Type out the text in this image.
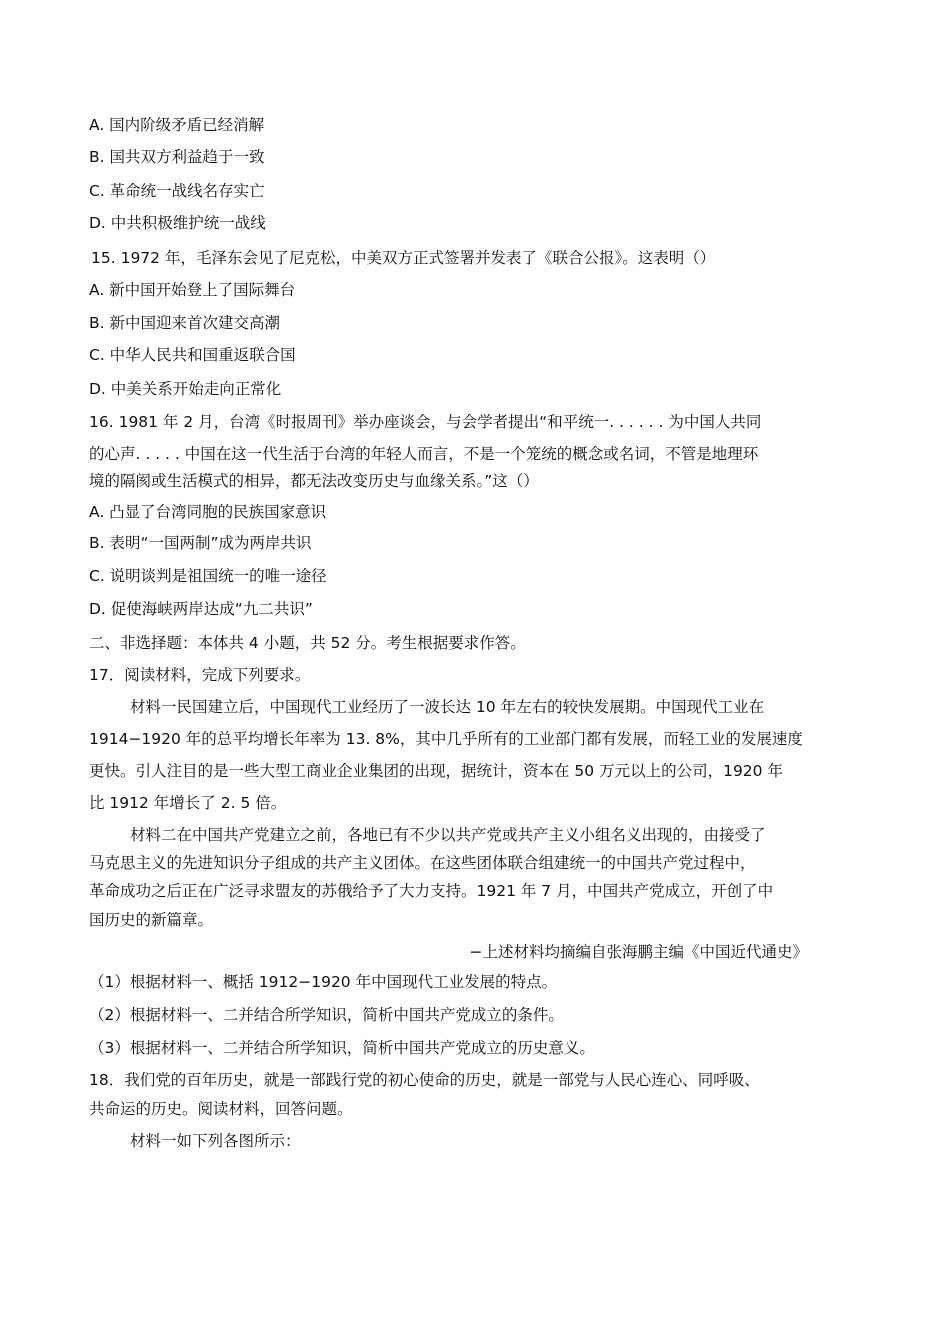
A. 国内阶级矛盾已经消解
B. 国共双方利益趋于一致
C. 革命统一战线名存实亡
D. 中共积极维护统一战线
15. 1972 年，毛泽东会见了尼克松，中美双方正式签署并发表了《联合公报》。这表明（）
A. 新中国开始登上了国际舞台
B. 新中国迎来首次建交高潮
C. 中华人民共和国重返联合国
D. 中美关系开始走向正常化
16. 1981 年 2 月，台湾《时报周刊》举办座谈会，与会学者提出“和平统一. . . . . . 为中国人共同
的心声. . . . . 中国在这一代生活于台湾的年轻人而言，不是一个笼统的概念或名词，不管是地理环
境的隔阂或生活模式的相异，都无法改变历史与血缘关系。”这（）
A. 凸显了台湾同胞的民族国家意识
B. 表明“一国两制”成为两岸共识
C. 说明谈判是祖国统一的唯一途径
D. 促使海峡两岸达成“九二共识”
二、非选择题：本体共 4 小题，共 52 分。考生根据要求作答。
17．阅读材料，完成下列要求。
材料一民国建立后，中国现代工业经历了一波长达 10 年左右的较快发展期。中国现代工业在
1914−1920 年的总平均增长年率为 13. 8%，其中几乎所有的工业部门都有发展，而轻工业的发展速度
更快。引人注目的是一些大型工商业企业集团的出现，据统计，资本在 50 万元以上的公司，1920 年
比 1912 年增长了 2. 5 倍。
材料二在中国共产党建立之前，各地已有不少以共产党或共产主义小组名义出现的，由接受了
马克思主义的先进知识分子组成的共产主义团体。在这些团体联合组建统一的中国共产党过程中，
革命成功之后正在广泛寻求盟友的苏俄给予了大力支持。1921 年 7 月，中国共产党成立，开创了中
国历史的新篇章。
−上述材料均摘编自张海鹏主编《中国近代通史》
（1）根据材料一、概括 1912−1920 年中国现代工业发展的特点。
（2）根据材料一、二并结合所学知识，简析中国共产党成立的条件。
（3）根据材料一、二并结合所学知识，简析中国共产党成立的历史意义。
18．我们党的百年历史，就是一部践行党的初心使命的历史，就是一部党与人民心连心、同呼吸、
共命运的历史。阅读材料，回答问题。
材料一如下列各图所示：
